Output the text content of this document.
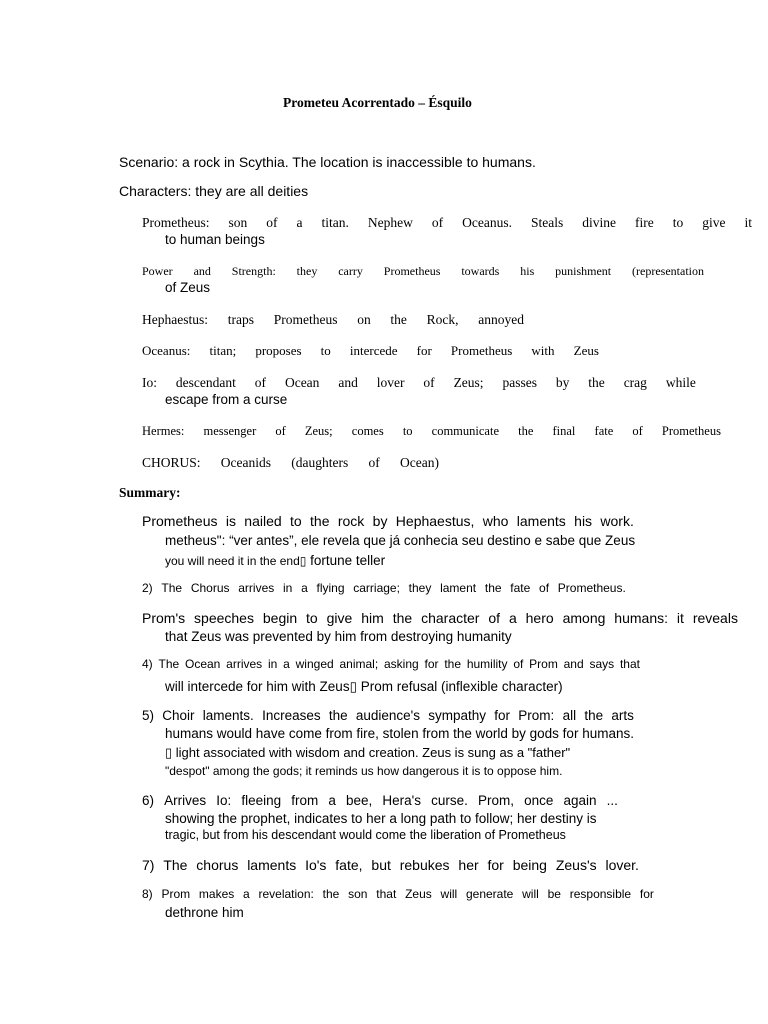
Prometeu Acorrentado – Ésquilo
Scenario: a rock in Scythia. The location is inaccessible to humans.
Characters: they are all deities
Prometheus: son of a titan. Nephew of Oceanus. Steals divine fire to give it
to human beings
Power and Strength: they carry Prometheus towards his punishment (representation
of Zeus
Hephaestus: traps Prometheus on the Rock, annoyed
Oceanus: titan; proposes to intercede for Prometheus with Zeus
Io: descendant of Ocean and lover of Zeus; passes by the crag while
escape from a curse
Hermes: messenger of Zeus; comes to communicate the final fate of Prometheus
CHORUS: Oceanids (daughters of Ocean)
Summary:
Prometheus is nailed to the rock by Hephaestus, who laments his work.
metheus": “ver antes”, ele revela que já conhecia seu destino e sabe que Zeus
you will need it in the end▯ fortune teller
2) The Chorus arrives in a flying carriage; they lament the fate of Prometheus.
Prom's speeches begin to give him the character of a hero among humans: it reveals
that Zeus was prevented by him from destroying humanity
4) The Ocean arrives in a winged animal; asking for the humility of Prom and says that
will intercede for him with Zeus▯ Prom refusal (inflexible character)
5) Choir laments. Increases the audience's sympathy for Prom: all the arts
humans would have come from fire, stolen from the world by gods for humans.
▯ light associated with wisdom and creation. Zeus is sung as a "father"
"despot" among the gods; it reminds us how dangerous it is to oppose him.
6) Arrives Io: fleeing from a bee, Hera's curse. Prom, once again ...
showing the prophet, indicates to her a long path to follow; her destiny is
tragic, but from his descendant would come the liberation of Prometheus
7) The chorus laments Io's fate, but rebukes her for being Zeus's lover.
8) Prom makes a revelation: the son that Zeus will generate will be responsible for
dethrone him
